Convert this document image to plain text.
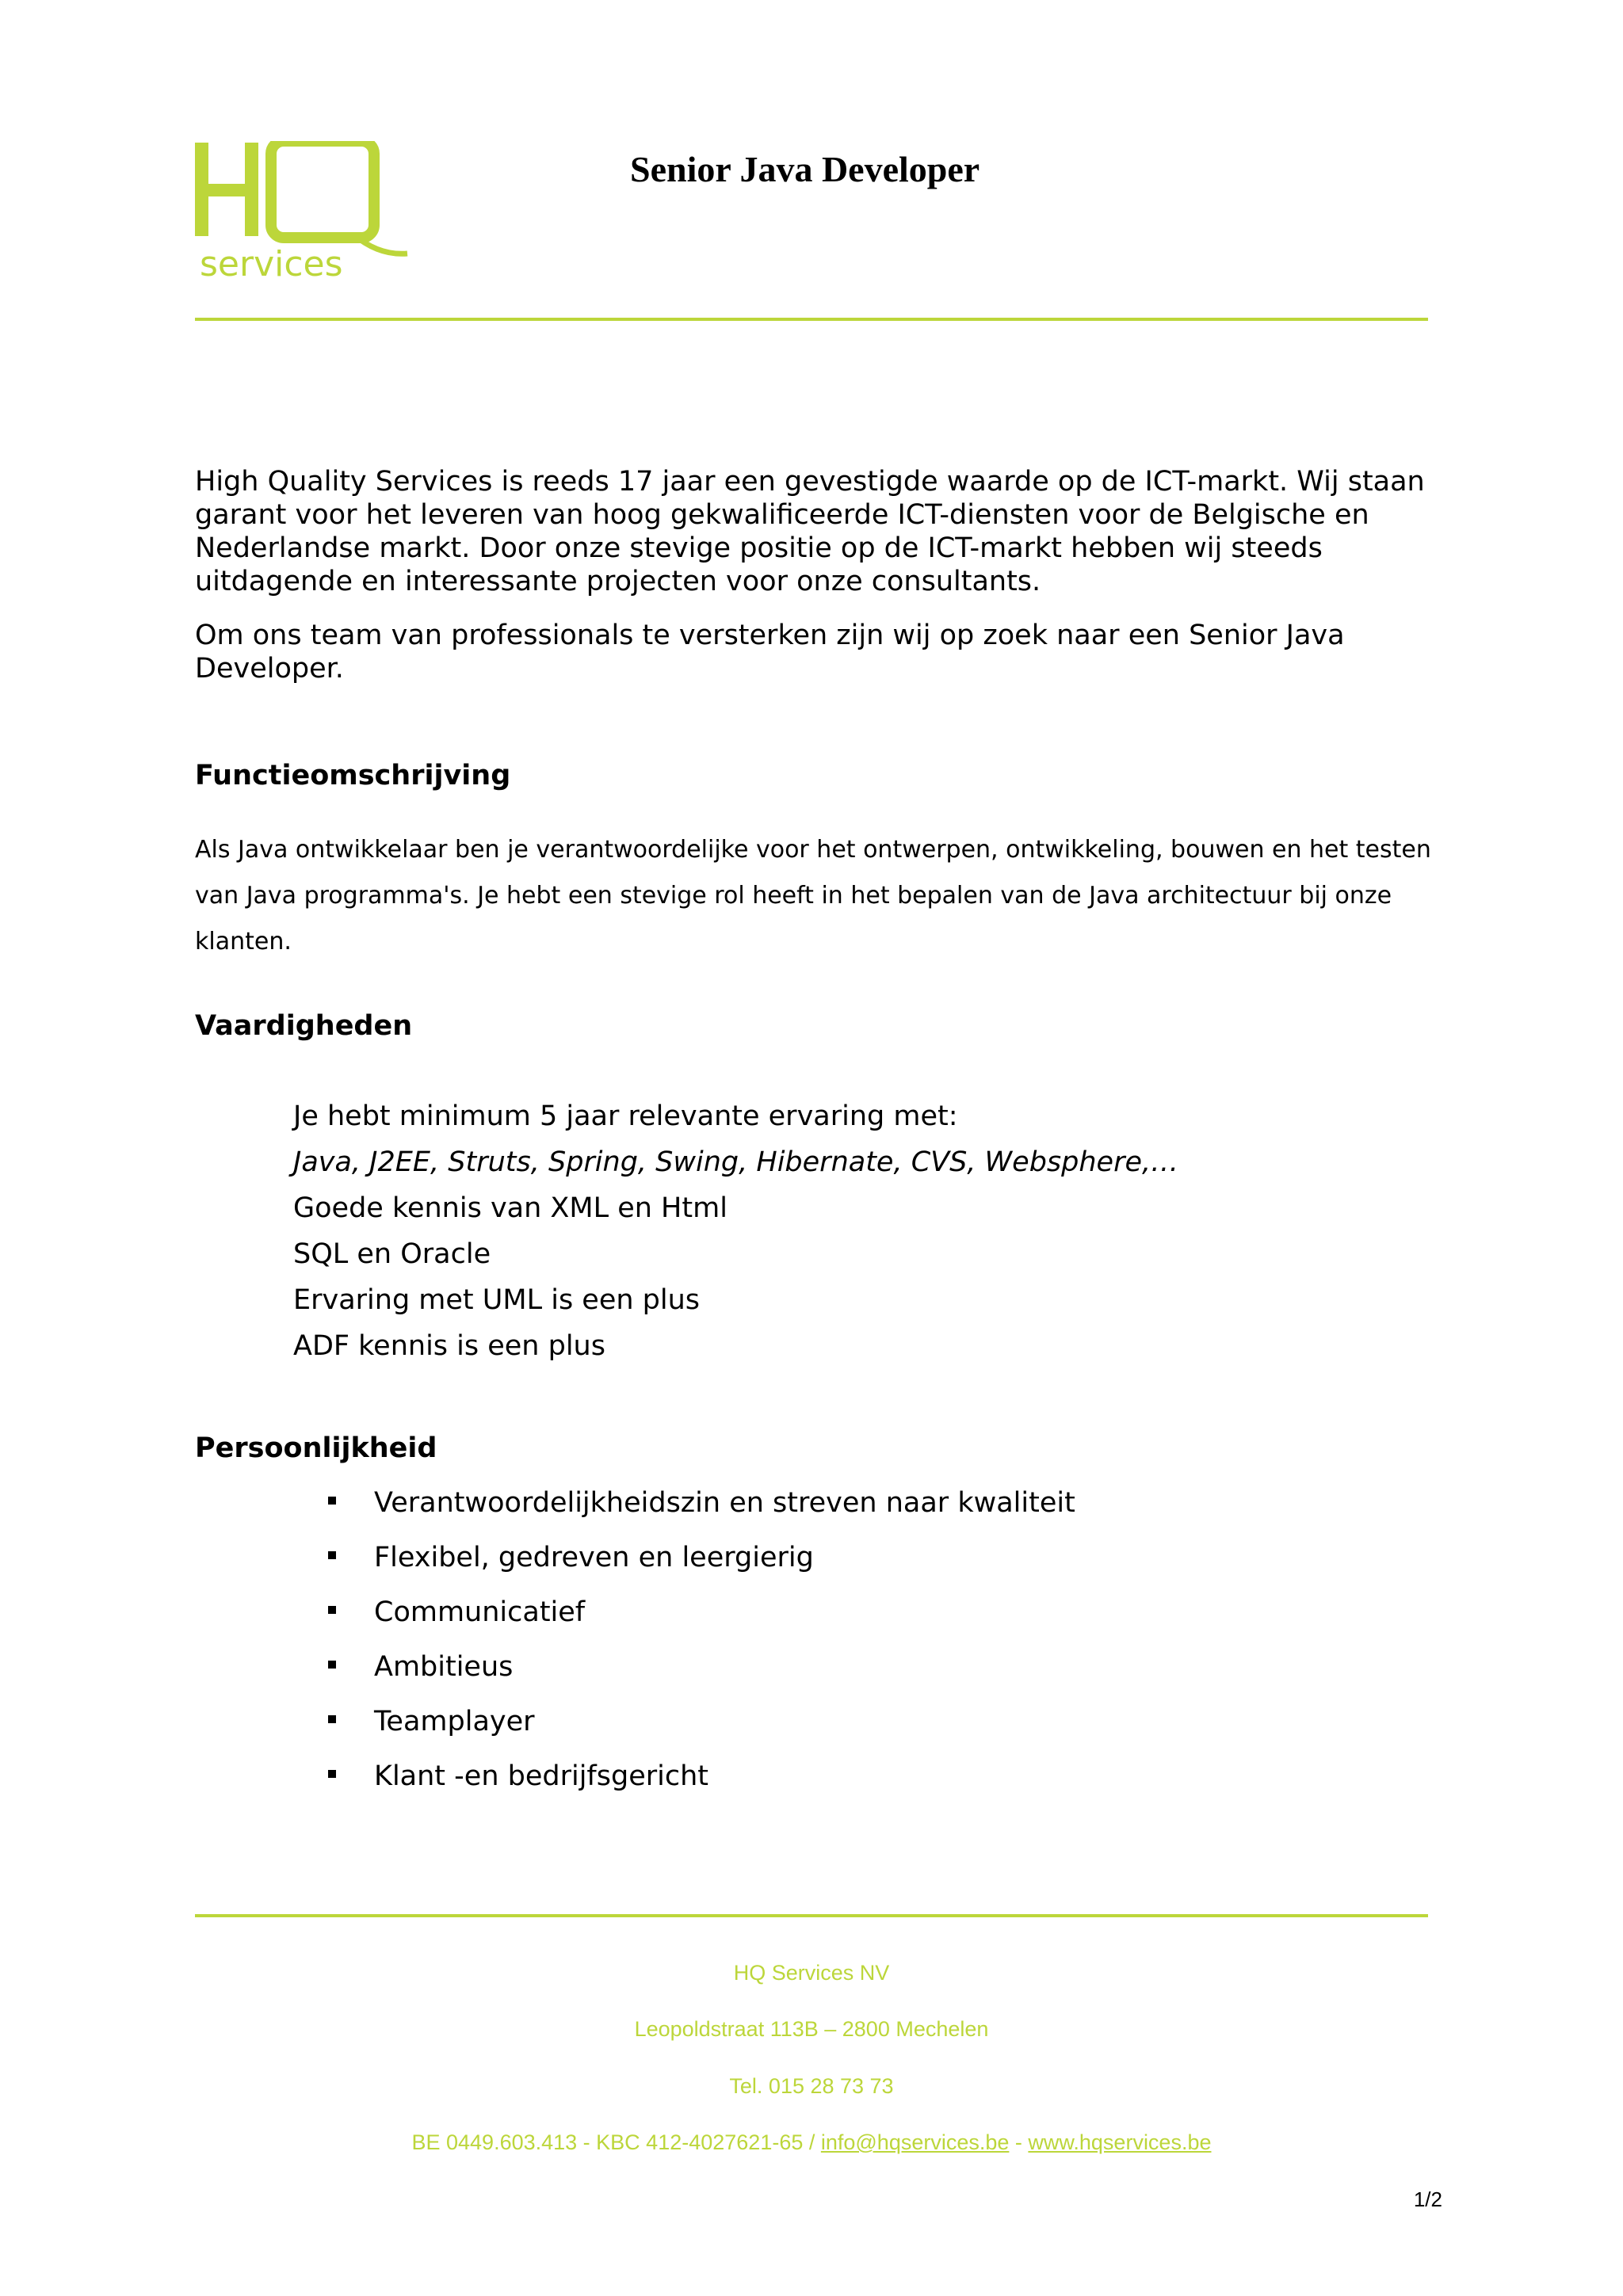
services
Senior Java Developer

High Quality Services is reeds 17 jaar een gevestigde waarde op de ICT-markt. Wij staan garant voor het leveren van hoog gekwalificeerde ICT-diensten voor de Belgische en Nederlandse markt. Door onze stevige positie op de ICT-markt hebben wij steeds uitdagende en interessante projecten voor onze consultants.

Om ons team van professionals te versterken zijn wij op zoek naar een Senior Java Developer.

Functieomschrijving

Als Java ontwikkelaar ben je verantwoordelijke voor het ontwerpen, ontwikkeling, bouwen en het testen van Java programma's. Je hebt een stevige rol heeft in het bepalen van de Java architectuur bij onze klanten.

Vaardigheden
Je hebt minimum 5 jaar relevante ervaring met:
Java, J2EE, Struts, Spring, Swing, Hibernate, CVS, Websphere,…
Goede kennis van XML en Html
SQL en Oracle
Ervaring met UML is een plus
ADF kennis is een plus
Persoonlijkheid
Verantwoordelijkheidszin en streven naar kwaliteit
Flexibel, gedreven en leergierig
Communicatief
Ambitieus
Teamplayer
Klant -en bedrijfsgericht

HQ Services NV

Leopoldstraat 113B – 2800 Mechelen

Tel. 015 28 73 73

BE 0449.603.413 - KBC 412-4027621-65 / info@hqservices.be - www.hqservices.be

1/2
